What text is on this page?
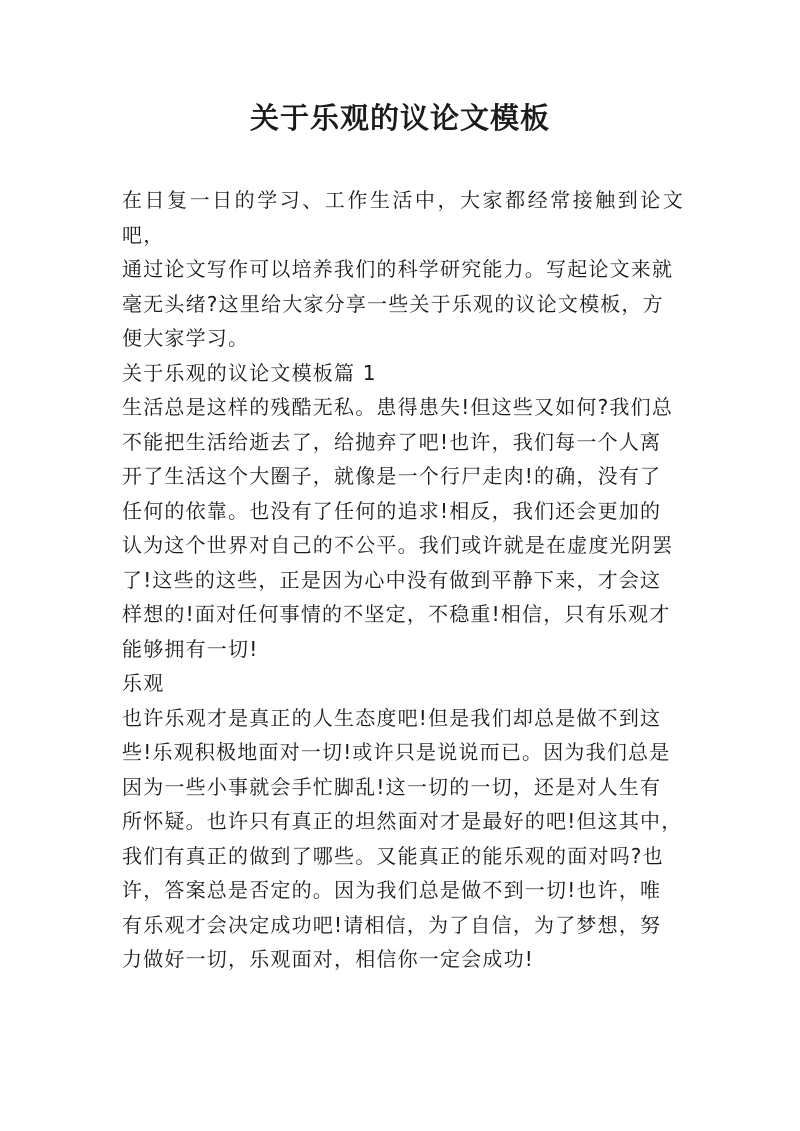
关于乐观的议论文模板

在日复一日的学习、工作生活中，大家都经常接触到论文吧，
通过论文写作可以培养我们的科学研究能力。写起论文来就
毫无头绪?这里给大家分享一些关于乐观的议论文模板，方
便大家学习。

关于乐观的议论文模板篇 1

生活总是这样的残酷无私。患得患失!但这些又如何?我们总
不能把生活给逝去了，给抛弃了吧!也许，我们每一个人离
开了生活这个大圈子，就像是一个行尸走肉!的确，没有了
任何的依靠。也没有了任何的追求!相反，我们还会更加的
认为这个世界对自己的不公平。我们或许就是在虚度光阴罢
了!这些的这些，正是因为心中没有做到平静下来，才会这
样想的!面对任何事情的不坚定，不稳重!相信，只有乐观才
能够拥有一切!

乐观

也许乐观才是真正的人生态度吧!但是我们却总是做不到这
些!乐观积极地面对一切!或许只是说说而已。因为我们总是
因为一些小事就会手忙脚乱!这一切的一切，还是对人生有
所怀疑。也许只有真正的坦然面对才是最好的吧!但这其中，
我们有真正的做到了哪些。又能真正的能乐观的面对吗?也
许，答案总是否定的。因为我们总是做不到一切!也许，唯
有乐观才会决定成功吧!请相信，为了自信，为了梦想，努
力做好一切，乐观面对，相信你一定会成功!
